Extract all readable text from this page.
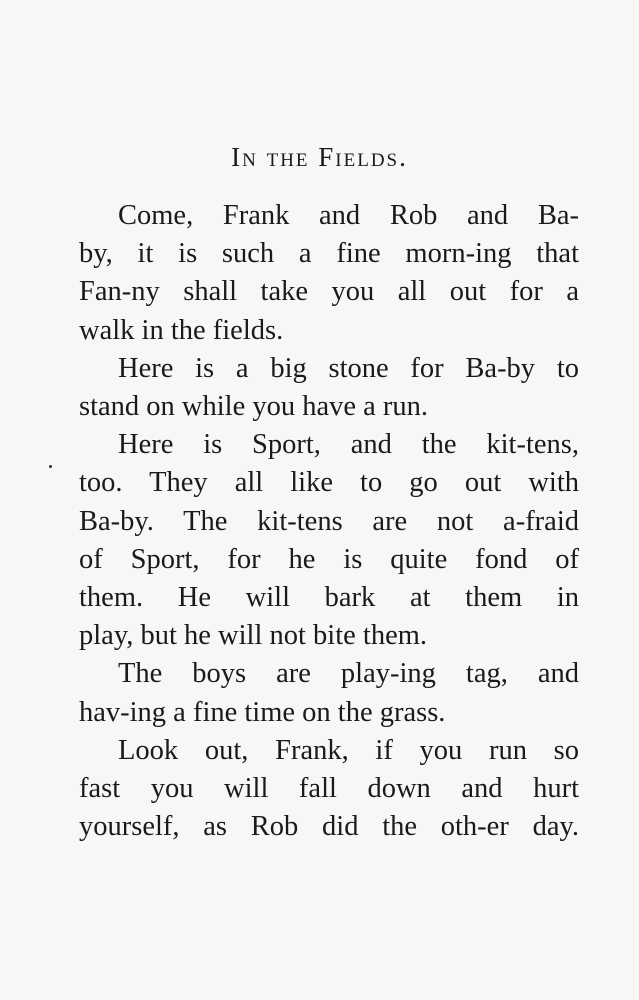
In the Fields.

Come, Frank and Rob and Ba-
by, it is such a fine morn-ing that
Fan-ny shall take you all out for a
walk in the fields.

Here is a big stone for Ba-by to
stand on while you have a run.

Here is Sport, and the kit-tens,
too. They all like to go out with
Ba-by. The kit-tens are not a-fraid
of Sport, for he is quite fond of
them. He will bark at them in
play, but he will not bite them.

The boys are play-ing tag, and
hav-ing a fine time on the grass.

Look out, Frank, if you run so
fast you will fall down and hurt
yourself, as Rob did the oth-er day.
